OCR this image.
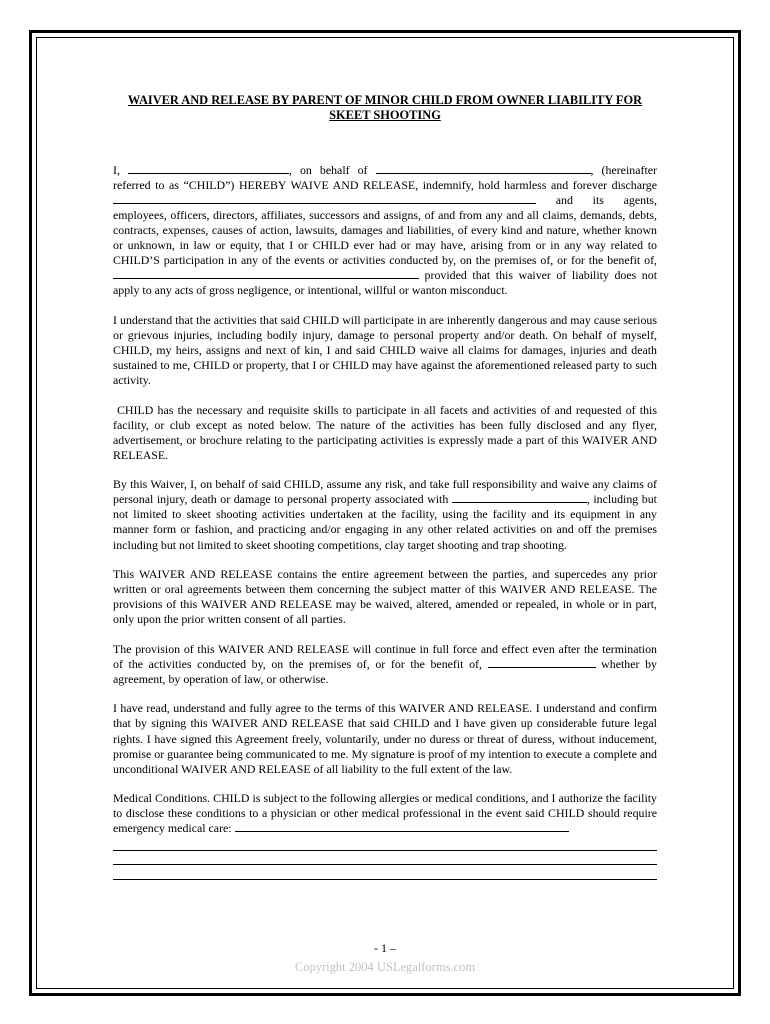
WAIVER AND RELEASE BY PARENT OF MINOR CHILD FROM OWNER LIABILITY FOR
SKEET SHOOTING

I,	, on behalf of	, (hereinafter referred to as “CHILD”) HEREBY WAIVE AND RELEASE, indemnify, hold harmless and forever discharge  and its agents, employees, officers, directors, affiliates, successors and assigns, of and from any and all claims, demands, debts, contracts, expenses, causes of action, lawsuits, damages and liabilities, of every kind and nature, whether known or unknown, in law or equity, that I or CHILD ever had or may have, arising from or in any way related to CHILD’S participation in any of the events or activities conducted by, on the premises of, or for the benefit of,  provided that this waiver of liability does not apply to any acts of gross negligence, or intentional, willful or wanton misconduct.

I understand that the activities that said CHILD will participate in are inherently dangerous and may cause serious or grievous injuries, including bodily injury, damage to personal property and/or death. On behalf of myself, CHILD, my heirs, assigns and next of kin, I and said CHILD waive all claims for damages, injuries and death sustained to me, CHILD or property, that I or CHILD may have against the aforementioned released party to such activity.

CHILD has the necessary and requisite skills to participate in all facets and activities of and requested of this facility, or club except as noted below. The nature of the activities has been fully disclosed and any flyer, advertisement, or brochure relating to the participating activities is expressly made a part of this WAIVER AND RELEASE.

By this Waiver, I, on behalf of said CHILD, assume any risk, and take full responsibility and waive any claims of personal injury, death or damage to personal property associated with	, including but not limited to skeet shooting activities undertaken at the facility, using the facility and its equipment in any manner form or fashion, and practicing and/or engaging in any other related activities on and off the premises including but not limited to skeet shooting competitions, clay target shooting and trap shooting.

This WAIVER AND RELEASE contains the entire agreement between the parties, and supercedes any prior written or oral agreements between them concerning the subject matter of this WAIVER AND RELEASE. The provisions of this WAIVER AND RELEASE may be waived, altered, amended or repealed, in whole or in part, only upon the prior written consent of all parties.

The provision of this WAIVER AND RELEASE will continue in full force and effect even after the termination of the activities conducted by, on the premises of, or for the benefit of,	whether by agreement, by operation of law, or otherwise.

I have read, understand and fully agree to the terms of this WAIVER AND RELEASE. I understand and confirm that by signing this WAIVER AND RELEASE that said CHILD and I have given up considerable future legal rights. I have signed this Agreement freely, voluntarily, under no duress or threat of duress, without inducement, promise or guarantee being communicated to me. My signature is proof of my intention to execute a complete and unconditional WAIVER AND RELEASE of all liability to the full extent of the law.

Medical Conditions. CHILD is subject to the following allergies or medical conditions, and I authorize the facility to disclose these conditions to a physician or other medical professional in the event said CHILD should require emergency medical care:

- 1 –
Copyright 2004 USLegalforms.com
